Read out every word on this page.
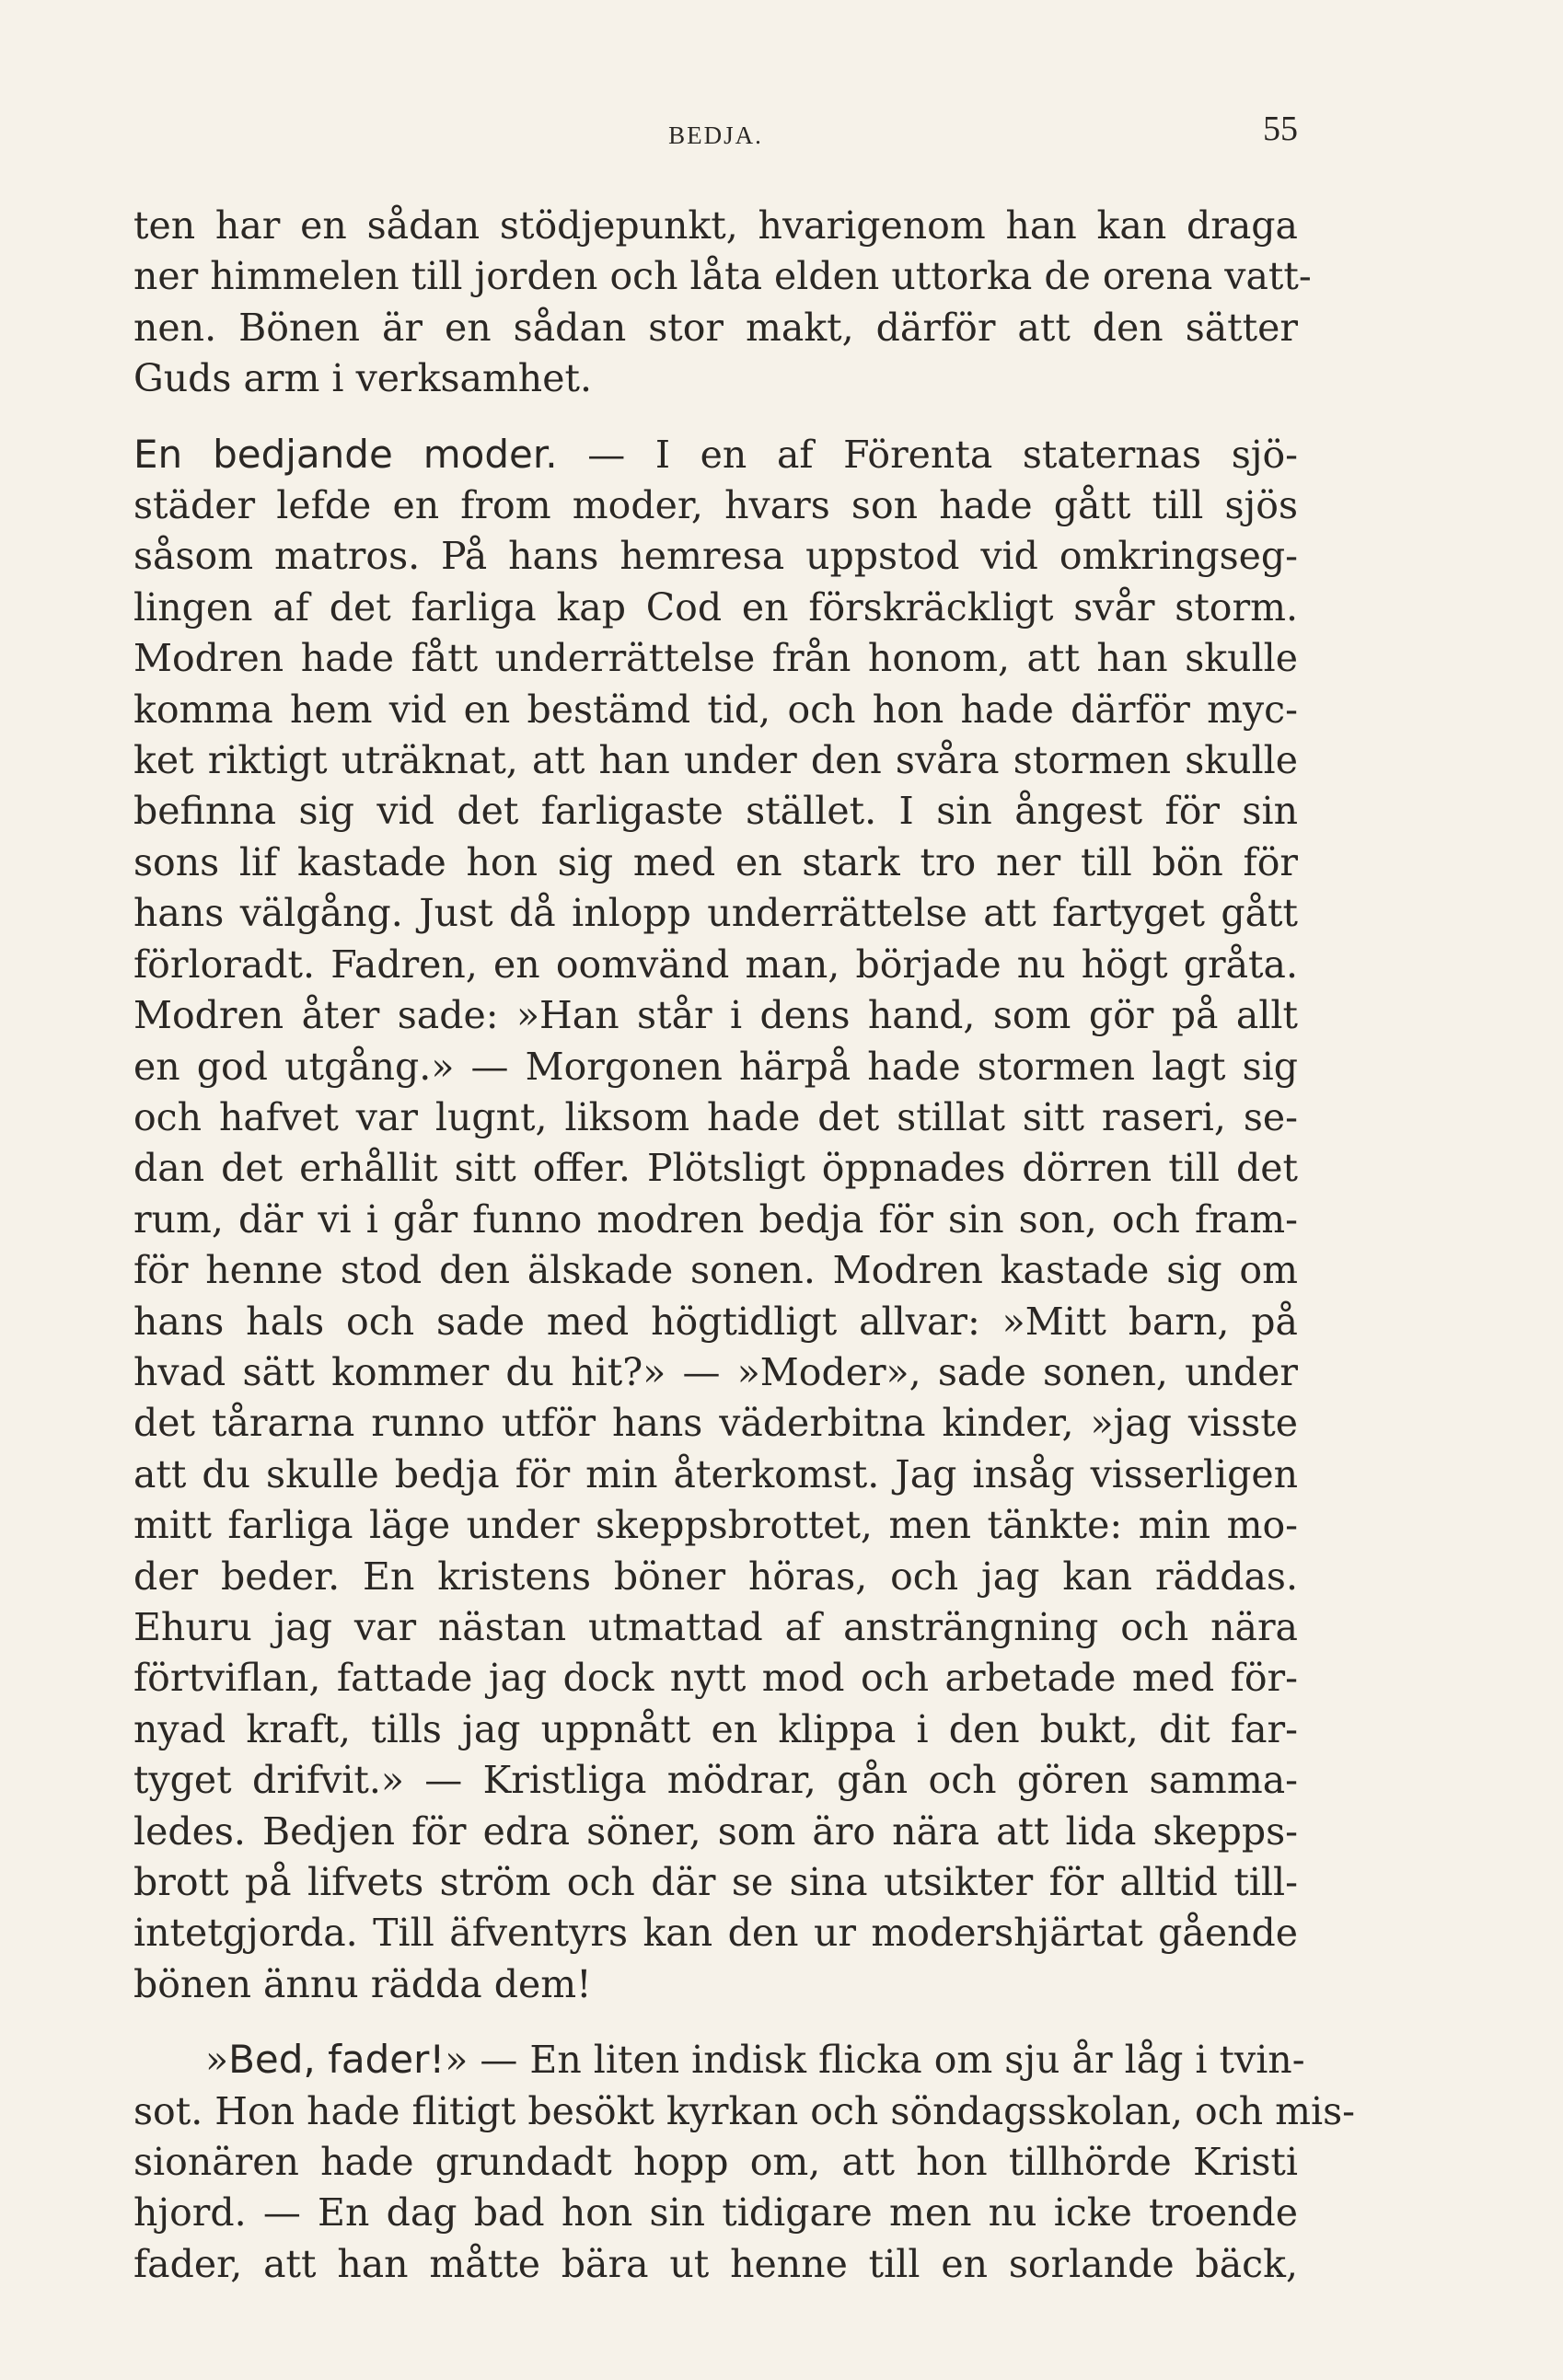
BEDJA.	55
ten har en sådan stödjepunkt, hvarigenom han kan draga
ner himmelen till jorden och låta elden uttorka de orena vatt-
nen. Bönen är en sådan stor makt, därför att den sätter
Guds arm i verksamhet.
En bedjande moder. — I en af Förenta staternas sjö-
städer lefde en from moder, hvars son hade gått till sjös
såsom matros. På hans hemresa uppstod vid omkringseg-
lingen af det farliga kap Cod en förskräckligt svår storm.
Modren hade fått underrättelse från honom, att han skulle
komma hem vid en bestämd tid, och hon hade därför myc-
ket riktigt uträknat, att han under den svåra stormen skulle
befinna sig vid det farligaste stället. I sin ångest för sin
sons lif kastade hon sig med en stark tro ner till bön för
hans välgång. Just då inlopp underrättelse att fartyget gått
förloradt. Fadren, en oomvänd man, började nu högt gråta.
Modren åter sade: »Han står i dens hand, som gör på allt
en god utgång.» — Morgonen härpå hade stormen lagt sig
och hafvet var lugnt, liksom hade det stillat sitt raseri, se-
dan det erhållit sitt offer. Plötsligt öppnades dörren till det
rum, där vi i går funno modren bedja för sin son, och fram-
för henne stod den älskade sonen. Modren kastade sig om
hans hals och sade med högtidligt allvar: »Mitt barn, på
hvad sätt kommer du hit?» — »Moder», sade sonen, under
det tårarna runno utför hans väderbitna kinder, »jag visste
att du skulle bedja för min återkomst. Jag insåg visserligen
mitt farliga läge under skeppsbrottet, men tänkte: min mo-
der beder. En kristens böner höras, och jag kan räddas.
Ehuru jag var nästan utmattad af ansträngning och nära
förtviflan, fattade jag dock nytt mod och arbetade med för-
nyad kraft, tills jag uppnått en klippa i den bukt, dit far-
tyget drifvit.» — Kristliga mödrar, gån och gören samma-
ledes. Bedjen för edra söner, som äro nära att lida skepps-
brott på lifvets ström och där se sina utsikter för alltid till-
intetgjorda. Till äfventyrs kan den ur modershjärtat gående
bönen ännu rädda dem!
»Bed, fader!» — En liten indisk flicka om sju år låg i tvin-
sot. Hon hade flitigt besökt kyrkan och söndagsskolan, och mis-
sionären hade grundadt hopp om, att hon tillhörde Kristi
hjord. — En dag bad hon sin tidigare men nu icke troende
fader, att han måtte bära ut henne till en sorlande bäck,
